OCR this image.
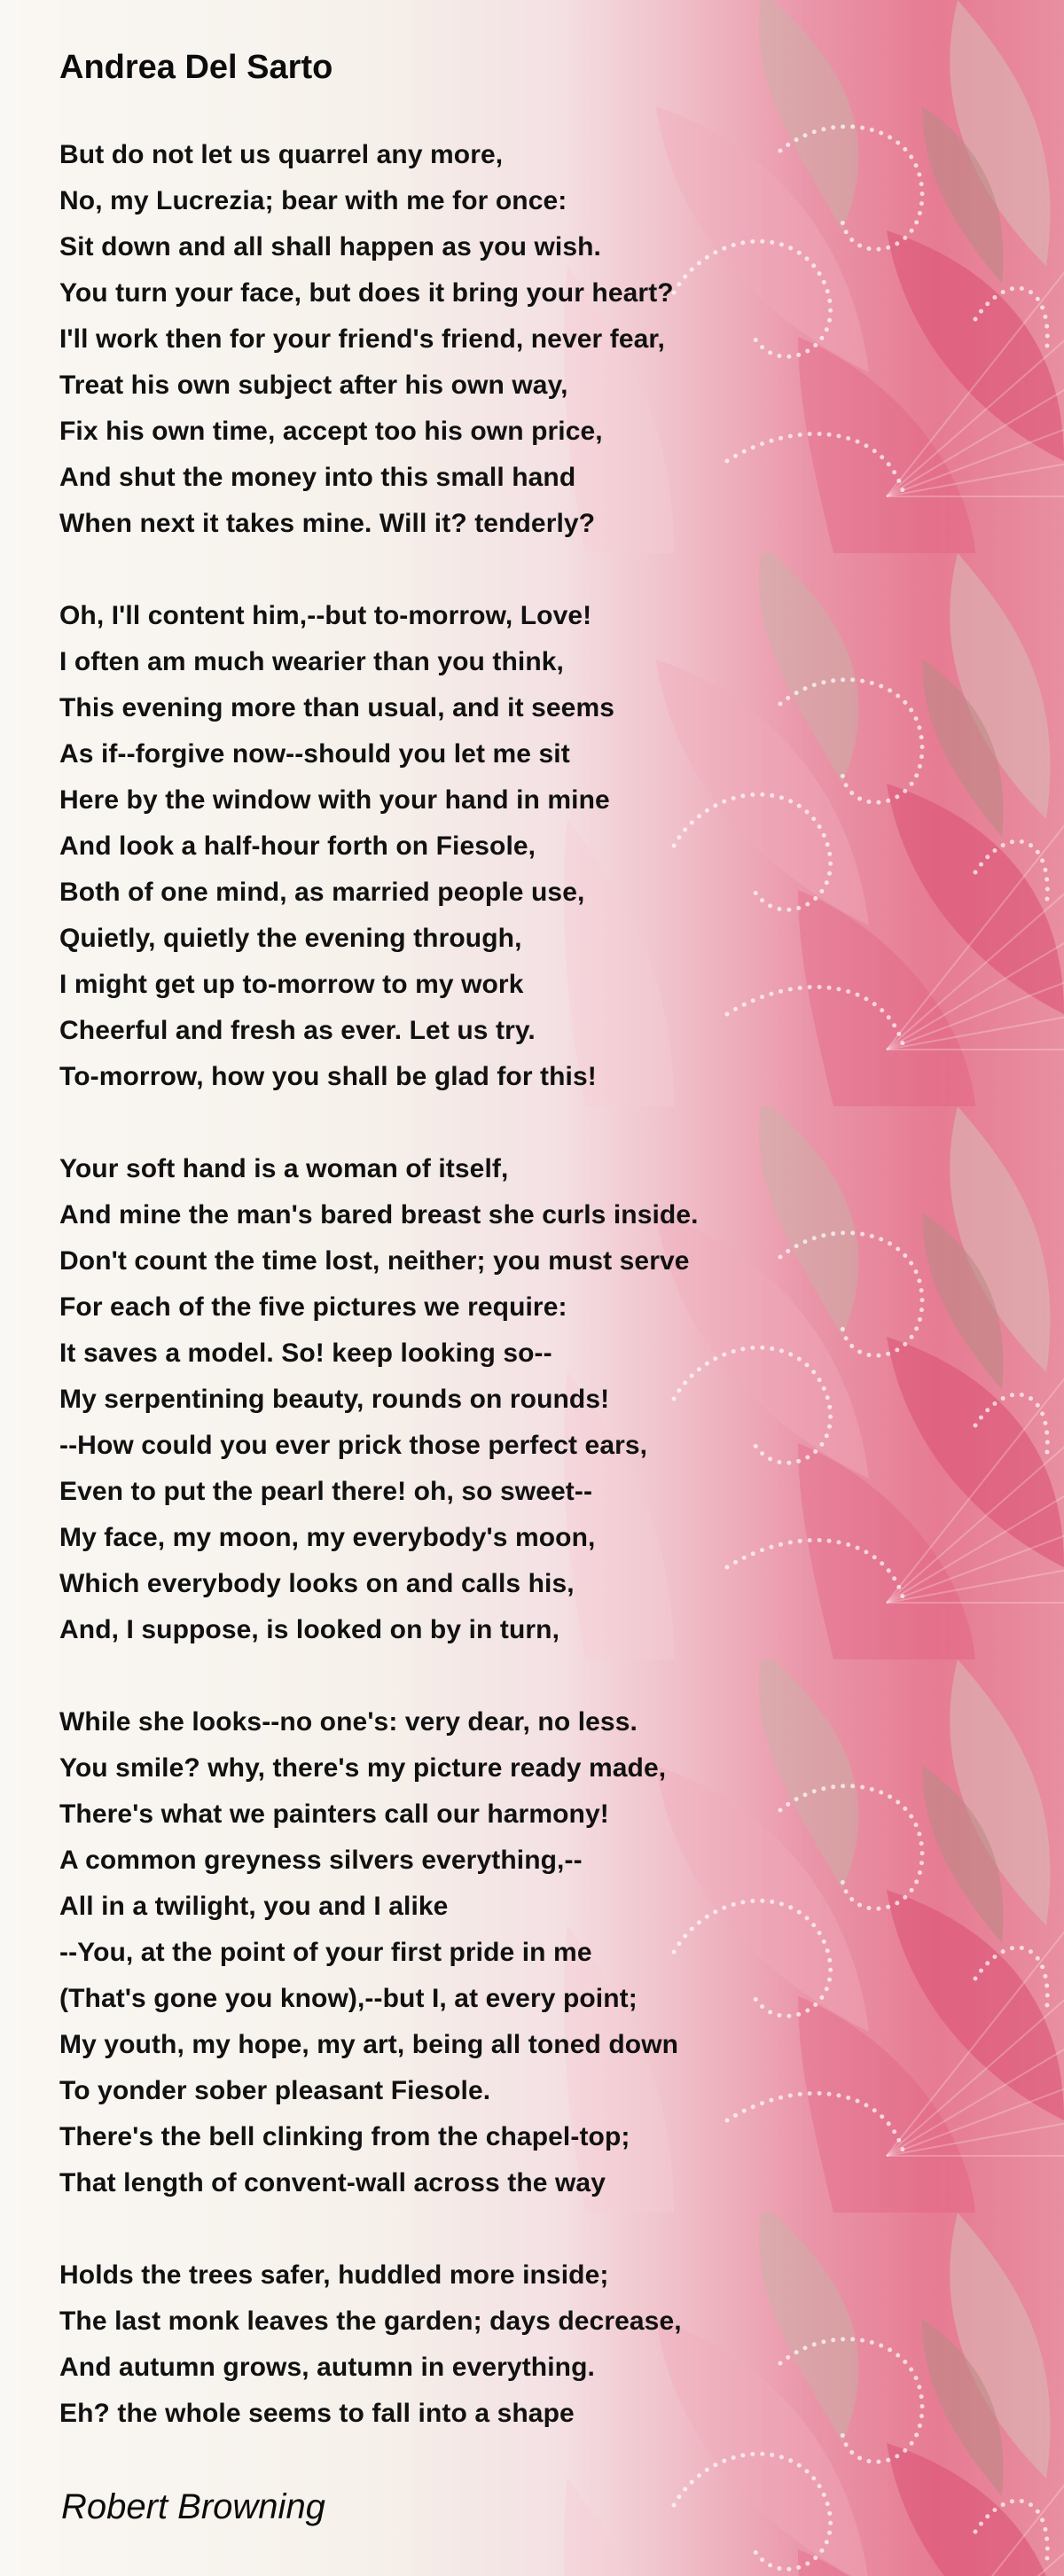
Andrea Del Sarto
But do not let us quarrel any more,
No, my Lucrezia; bear with me for once:
Sit down and all shall happen as you wish.
You turn your face, but does it bring your heart?
I'll work then for your friend's friend, never fear,
Treat his own subject after his own way,
Fix his own time, accept too his own price,
And shut the money into this small hand
When next it takes mine. Will it? tenderly?
Oh, I'll content him,--but to-morrow, Love!
I often am much wearier than you think,
This evening more than usual, and it seems
As if--forgive now--should you let me sit
Here by the window with your hand in mine
And look a half-hour forth on Fiesole,
Both of one mind, as married people use,
Quietly, quietly the evening through,
I might get up to-morrow to my work
Cheerful and fresh as ever. Let us try.
To-morrow, how you shall be glad for this!
Your soft hand is a woman of itself,
And mine the man's bared breast she curls inside.
Don't count the time lost, neither; you must serve
For each of the five pictures we require:
It saves a model. So! keep looking so--
My serpentining beauty, rounds on rounds!
--How could you ever prick those perfect ears,
Even to put the pearl there! oh, so sweet--
My face, my moon, my everybody's moon,
Which everybody looks on and calls his,
And, I suppose, is looked on by in turn,
While she looks--no one's: very dear, no less.
You smile? why, there's my picture ready made,
There's what we painters call our harmony!
A common greyness silvers everything,--
All in a twilight, you and I alike
--You, at the point of your first pride in me
(That's gone you know),--but I, at every point;
My youth, my hope, my art, being all toned down
To yonder sober pleasant Fiesole.
There's the bell clinking from the chapel-top;
That length of convent-wall across the way
Holds the trees safer, huddled more inside;
The last monk leaves the garden; days decrease,
And autumn grows, autumn in everything.
Eh? the whole seems to fall into a shape

Robert Browning
